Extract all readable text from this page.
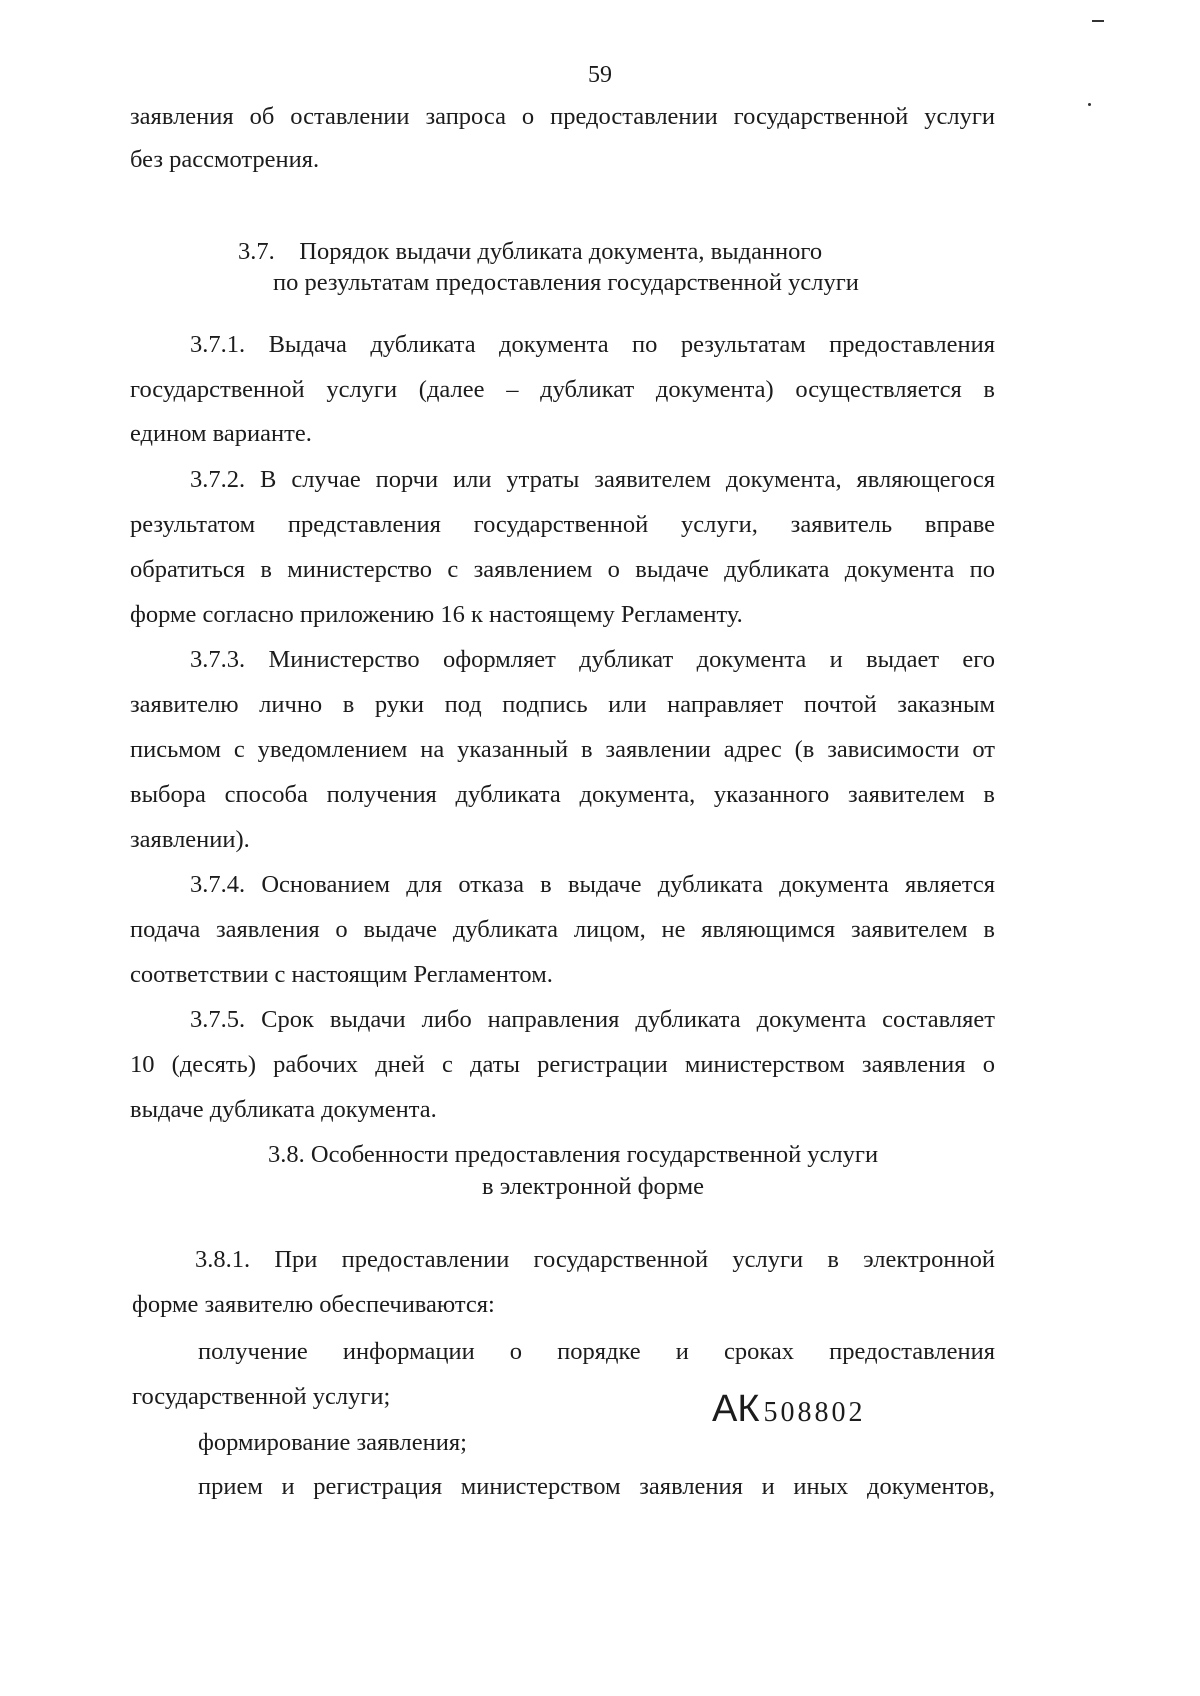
59
заявления об оставлении запроса о предоставлении государственной услуги
без рассмотрения.
3.7.    Порядок выдачи дубликата документа, выданного
по результатам предоставления государственной услуги
3.7.1. Выдача дубликата документа по результатам предоставления
государственной услуги (далее – дубликат документа) осуществляется в
едином варианте.
3.7.2. В случае порчи или утраты заявителем документа, являющегося
результатом представления государственной услуги, заявитель вправе
обратиться в министерство с заявлением о выдаче дубликата документа по
форме согласно приложению 16 к настоящему Регламенту.
3.7.3. Министерство оформляет дубликат документа и выдает его
заявителю лично в руки под подпись или направляет почтой заказным
письмом с уведомлением на указанный в заявлении адрес (в зависимости от
выбора способа получения дубликата документа, указанного заявителем в
заявлении).
3.7.4. Основанием для отказа в выдаче дубликата документа является
подача заявления о выдаче дубликата лицом, не являющимся заявителем в
соответствии с настоящим Регламентом.
3.7.5. Срок выдачи либо направления дубликата документа составляет
10 (десять) рабочих дней с даты регистрации министерством заявления о
выдаче дубликата документа.
3.8. Особенности предоставления государственной услуги
в электронной форме
3.8.1. При предоставлении государственной услуги в электронной
форме заявителю обеспечиваются:
получение информации о порядке и сроках предоставления
государственной услуги;	АК 508802
формирование заявления;
прием и регистрация министерством заявления и иных документов,
